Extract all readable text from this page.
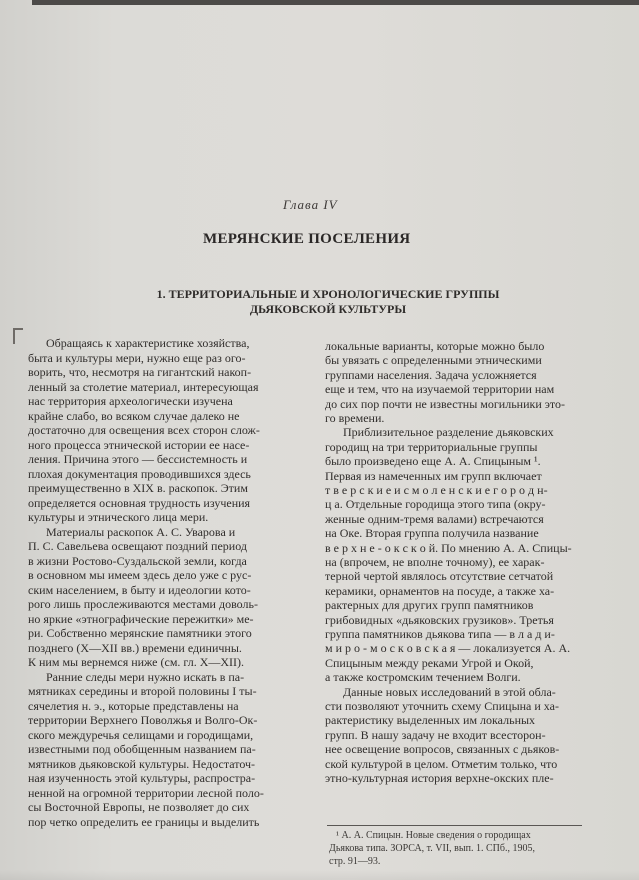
Глава IV
МЕРЯНСКИЕ ПОСЕЛЕНИЯ
1. ТЕРРИТОРИАЛЬНЫЕ И ХРОНОЛОГИЧЕСКИЕ ГРУППЫ
ДЬЯКОВСКОЙ КУЛЬТУРЫ
Обращаясь к характеристике хозяйства,
быта и культуры мери, нужно еще раз ого-
ворить, что, несмотря на гигантский накоп-
ленный за столетие материал, интересующая
нас территория археологически изучена
крайне слабо, во всяком случае далеко не
достаточно для освещения всех сторон слож-
ного процесса этнической истории ее насе-
ления. Причина этого — бессистемность и
плохая документация проводившихся здесь
преимущественно в XIX в. раскопок. Этим
определяется основная трудность изучения
культуры и этнического лица мери.
Материалы раскопок А. С. Уварова и
П. С. Савельева освещают поздний период
в жизни Ростово-Суздальской земли, когда
в основном мы имеем здесь дело уже с рус-
ским населением, в быту и идеологии кото-
рого лишь прослеживаются местами доволь-
но яркие «этнографические пережитки» ме-
ри. Собственно мерянские памятники этого
позднего (X—XII вв.) времени единичны.
К ним мы вернемся ниже (см. гл. X—XII).
Ранние следы мери нужно искать в па-
мятниках середины и второй половины I ты-
сячелетия н. э., которые представлены на
территории Верхнего Поволжья и Волго-Ок-
ского междуречья селищами и городищами,
известными под обобщенным названием па-
мятников дьяковской культуры. Недостаточ-
ная изученность этой культуры, распростра-
ненной на огромной территории лесной поло-
сы Восточной Европы, не позволяет до сих
пор четко определить ее границы и выделить
локальные варианты, которые можно было
бы увязать с определенными этническими
группами населения. Задача усложняется
еще и тем, что на изучаемой территории нам
до сих пор почти не известны могильники это-
го времени.
Приблизительное разделение дьяковских
городищ на три территориальные группы
было произведено еще А. А. Спицыным ¹.
Первая из намеченных им групп включает
т в е р с к и е и с м о л е н с к и е г о р о д н-
ц а. Отдельные городища этого типа (окру-
женные одним-тремя валами) встречаются
на Оке. Вторая группа получила название
в е р х н е - о к с к о й. По мнению А. А. Спицы-
на (впрочем, не вполне точному), ее харак-
терной чертой являлось отсутствие сетчатой
керамики, орнаментов на посуде, а также ха-
рактерных для других групп памятников
грибовидных «дьяковских грузиков». Третья
группа памятников дьякова типа — в л а д и-
м и р о - м о с к о в с к а я — локализуется А. А.
Спицыным между реками Угрой и Окой,
а также костромским течением Волги.
Данные новых исследований в этой обла-
сти позволяют уточнить схему Спицына и ха-
рактеристику выделенных им локальных
групп. В нашу задачу не входит всесторон-
нее освещение вопросов, связанных с дьяков-
ской культурой в целом. Отметим только, что
этно-культурная история верхне-окских пле-
¹ А. А. Спицын. Новые сведения о городищах
Дьякова типа. ЗОРСА, т. VII, вып. 1. СПб., 1905,
стр. 91—93.
